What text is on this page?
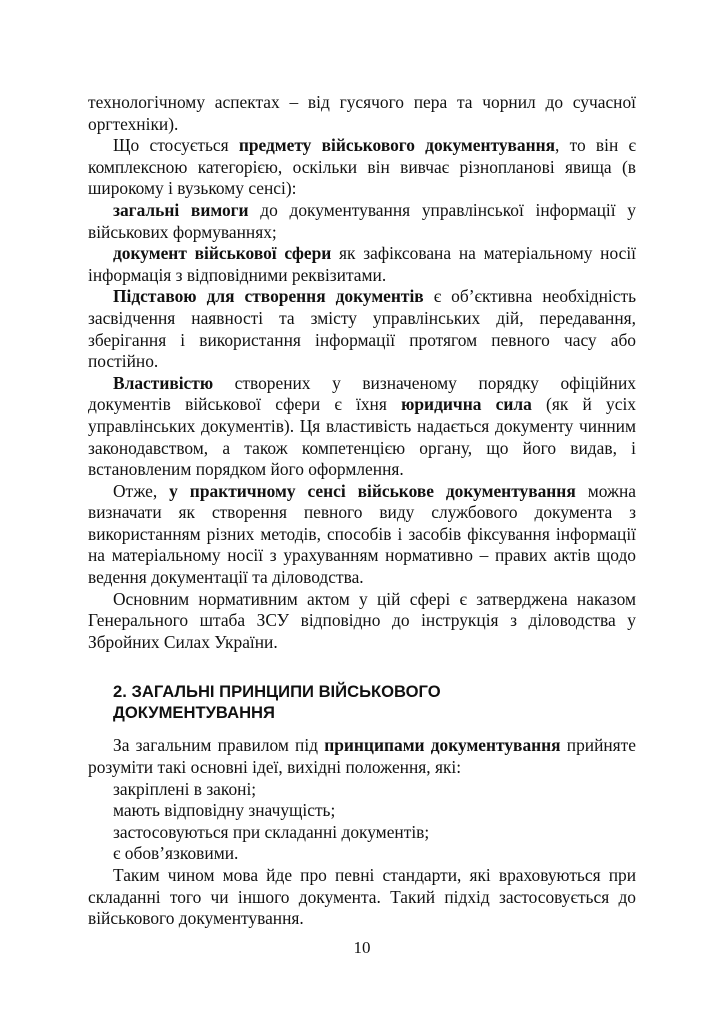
технологічному аспектах – від гусячого пера та чорнил до сучасної оргтехніки).

Що стосується предмету військового документування, то він є комплексною категорією, оскільки він вивчає різнопланові явища (в широкому і вузькому сенсі):

загальні вимоги до документування управлінської інформації у військових формуваннях;

документ військової сфери як зафіксована на матеріальному носії інформація з відповідними реквізитами.

Підставою для створення документів є об’єктивна необхідність засвідчення наявності та змісту управлінських дій, передавання, зберігання і використання інформації протягом певного часу або постійно.

Властивістю створених у визначеному порядку офіційних документів військової сфери є їхня юридична сила (як й усіх управлінських документів). Ця властивість надається документу чинним законодавством, а також компетенцією органу, що його видав, і встановленим порядком його оформлення.

Отже, у практичному сенсі військове документування можна визначати як створення певного виду службового документа з використанням різних методів, способів і засобів фіксування інформації на матеріальному носії з урахуванням нормативно – правих актів щодо ведення документації та діловодства.

Основним нормативним актом у цій сфері є затверджена наказом Генерального штаба ЗСУ відповідно до інструкція з діловодства у Збройних Силах України.

2. ЗАГАЛЬНІ ПРИНЦИПИ ВІЙСЬКОВОГО
ДОКУМЕНТУВАННЯ

За загальним правилом під принципами документування прийняте розуміти такі основні ідеї, вихідні положення, які:

закріплені в законі;

мають відповідну значущість;

застосовуються при складанні документів;

є обов’язковими.

Таким чином мова йде про певні стандарти, які враховуються при складанні того чи іншого документа. Такий підхід застосовується до військового документування.

10
